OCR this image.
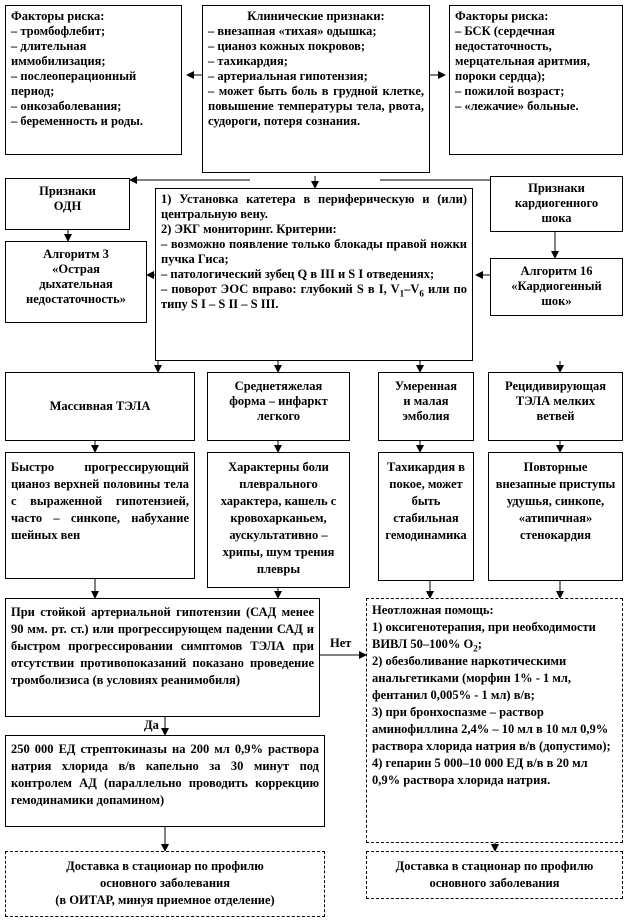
Факторы риска:
– тромбофлебит;
– длительная иммобилизация;
– послеоперационный период;
– онкозаболевания;
– беременность и роды.
Клинические признаки:
– внезапная «тихая» одышка;
– цианоз кожных покровов;
– тахикардия;
– артериальная гипотензия;
– может быть боль в грудной клетке, повышение температуры тела, рвота, судороги, потеря сознания.
Факторы риска:
– БСК (сердечная недостаточность, мерцательная аритмия, пороки сердца);
– пожилой возраст;
– «лежачие» больные.
Признаки
ОДН
Алгоритм 3
«Острая
дыхательная
недостаточность»
1) Установка катетера в периферическую и (или) центральную вену.
2) ЭКГ мониторинг. Критерии:
– возможно появление только блокады правой ножки пучка Гиса;
– патологический зубец Q в III и S I отведениях;
– поворот ЭОС вправо: глубокий S в I, $V_1-V_6$ или по типу S I – S II – S III.
Признаки
кардиогенного
шока
Алгоритм 16
«Кардиогенный
шок»
Массивная ТЭЛА
Среднетяжелая
форма – инфаркт
легкого
Умеренная
и малая
эмболия
Рецидивирующая
ТЭЛА мелких
ветвей
Быстро прогрессирующий цианоз верхней половины тела с выраженной гипотензией, часто – синкопе, набухание шейных вен
Характерны боли плеврального характера, кашель с кровохарканьем, аускультативно – хрипы, шум трения плевры
Тахикардия в покое, может быть стабильная гемодинамика
Повторные внезапные приступы удушья, синкопе, «атипичная» стенокардия
При стойкой артериальной гипотензии (САД менее 90 мм. рт. ст.) или прогрессирующем падении САД и быстром прогрессировании симптомов ТЭЛА при отсутствии противопоказаний показано проведение тромболизиса (в условиях реанимобиля)
Нет
Да
250 000 ЕД стрептокиназы на 200 мл 0,9% раствора натрия хлорида в/в капельно за 30 минут под контролем АД (параллельно проводить коррекцию гемодинамики допамином)
Неотложная помощь:
1) оксигенотерапия, при необходимости ВИВЛ 50–100% $O_2$;
2) обезболивание наркотическими анальгетиками (морфин 1% - 1 мл, фентанил 0,005% - 1 мл) в/в;
3) при бронхоспазме – раствор аминофиллина 2,4% – 10 мл в 10 мл 0,9% раствора хлорида натрия в/в (допустимо);
4) гепарин 5 000–10 000 ЕД в/в в 20 мл 0,9% раствора хлорида натрия.
Доставка в стационар по профилю
основного заболевания
(в ОИТАР, минуя приемное отделение)
Доставка в стационар по профилю
основного заболевания
